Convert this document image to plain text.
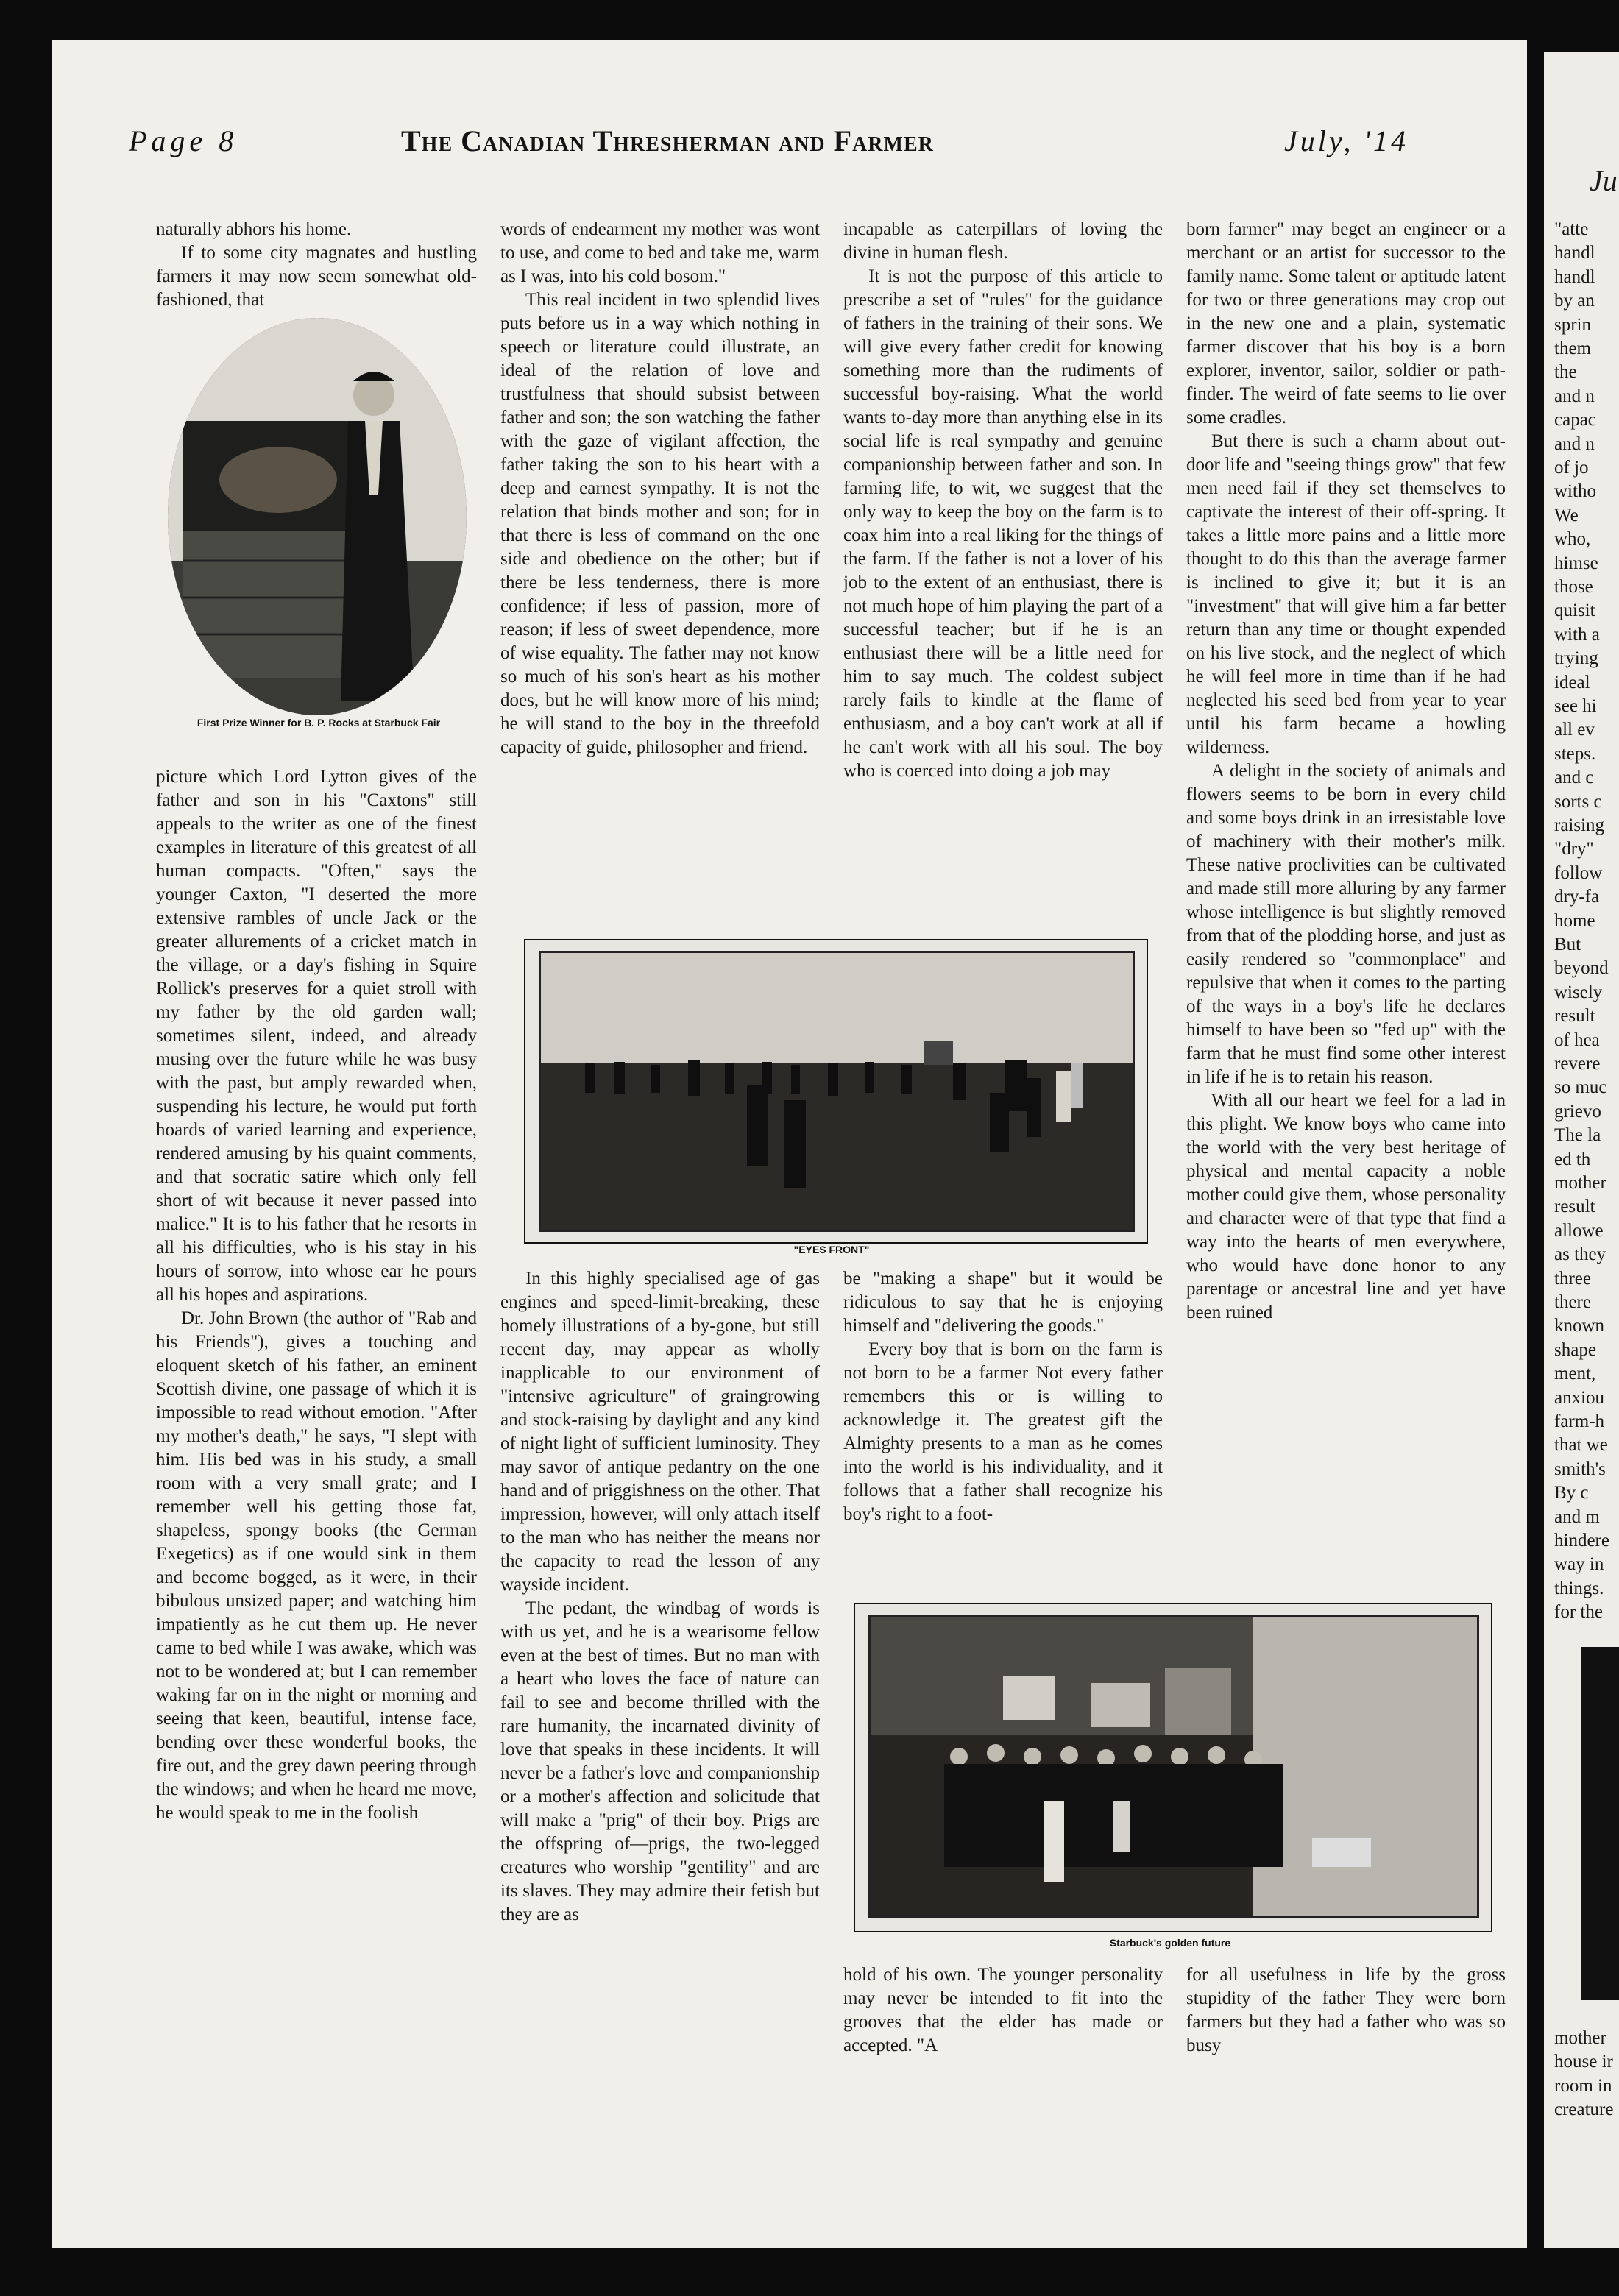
Page 8	The Canadian Thresherman and Farmer	July, '14

naturally abhors his home.

If to some city magnates and hustling farmers it may now seem somewhat old-fashioned, that

First Prize Winner for B. P. Rocks at Starbuck Fair

picture which Lord Lytton gives of the father and son in his "Caxtons" still appeals to the writer as one of the finest examples in literature of this greatest of all human compacts. "Often," says the younger Caxton, "I deserted the more extensive rambles of uncle Jack or the greater allurements of a cricket match in the village, or a day's fishing in Squire Rollick's preserves for a quiet stroll with my father by the old garden wall; sometimes silent, indeed, and already musing over the future while he was busy with the past, but amply rewarded when, suspending his lecture, he would put forth hoards of varied learning and experience, rendered amusing by his quaint comments, and that socratic satire which only fell short of wit because it never passed into malice." It is to his father that he resorts in all his difficulties, who is his stay in his hours of sorrow, into whose ear he pours all his hopes and aspirations.

Dr. John Brown (the author of "Rab and his Friends"), gives a touching and eloquent sketch of his father, an eminent Scottish divine, one passage of which it is impossible to read without emotion. "After my mother's death," he says, "I slept with him. His bed was in his study, a small room with a very small grate; and I remember well his getting those fat, shapeless, spongy books (the German Exegetics) as if one would sink in them and become bogged, as it were, in their bibulous unsized paper; and watching him impatiently as he cut them up. He never came to bed while I was awake, which was not to be wondered at; but I can remember waking far on in the night or morning and seeing that keen, beautiful, intense face, bending over these wonderful books, the fire out, and the grey dawn peering through the windows; and when he heard me move, he would speak to me in the foolish

words of endearment my mother was wont to use, and come to bed and take me, warm as I was, into his cold bosom."

This real incident in two splendid lives puts before us in a way which nothing in speech or literature could illustrate, an ideal of the relation of love and trustfulness that should subsist between father and son; the son watching the father with the gaze of vigilant affection, the father taking the son to his heart with a deep and earnest sympathy. It is not the relation that binds mother and son; for in that there is less of command on the one side and obedience on the other; but if there be less tenderness, there is more confidence; if less of passion, more of reason; if less of sweet dependence, more of wise equality. The father may not know so much of his son's heart as his mother does, but he will know more of his mind; he will stand to the boy in the threefold capacity of guide, philosopher and friend.

incapable as caterpillars of loving the divine in human flesh.

It is not the purpose of this article to prescribe a set of "rules" for the guidance of fathers in the training of their sons. We will give every father credit for knowing something more than the rudiments of successful boy-raising. What the world wants to-day more than anything else in its social life is real sympathy and genuine companionship between father and son. In farming life, to wit, we suggest that the only way to keep the boy on the farm is to coax him into a real liking for the things of the farm. If the father is not a lover of his job to the extent of an enthusiast, there is not much hope of him playing the part of a successful teacher; but if he is an enthusiast there will be a little need for him to say much. The coldest subject rarely fails to kindle at the flame of enthusiasm, and a boy can't work at all if he can't work with all his soul. The boy who is coerced into doing a job may

born farmer" may beget an engineer or a merchant or an artist for successor to the family name. Some talent or aptitude latent for two or three generations may crop out in the new one and a plain, systematic farmer discover that his boy is a born explorer, inventor, sailor, soldier or path-finder. The weird of fate seems to lie over some cradles.

But there is such a charm about out-door life and "seeing things grow" that few men need fail if they set themselves to captivate the interest of their off-spring. It takes a little more pains and a little more thought to do this than the average farmer is inclined to give it; but it is an "investment" that will give him a far better return than any time or thought expended on his live stock, and the neglect of which he will feel more in time than if he had neglected his seed bed from year to year until his farm became a howling wilderness.

A delight in the society of animals and flowers seems to be born in every child and some boys drink in an irresistable love of machinery with their mother's milk. These native proclivities can be cultivated and made still more alluring by any farmer whose intelligence is but slightly removed from that of the plodding horse, and just as easily rendered so "commonplace" and repulsive that when it comes to the parting of the ways in a boy's life he declares himself to have been so "fed up" with the farm that he must find some other interest in life if he is to retain his reason.

With all our heart we feel for a lad in this plight. We know boys who came into the world with the very best heritage of physical and mental capacity a noble mother could give them, whose personality and character were of that type that find a way into the hearts of men everywhere, who would have done honor to any parentage or ancestral line and yet have been ruined

"EYES FRONT"

In this highly specialised age of gas engines and speed-limit-breaking, these homely illustrations of a by-gone, but still recent day, may appear as wholly inapplicable to our environment of "intensive agriculture" of graingrowing and stock-raising by daylight and any kind of night light of sufficient luminosity. They may savor of antique pedantry on the one hand and of priggishness on the other. That impression, however, will only attach itself to the man who has neither the means nor the capacity to read the lesson of any wayside incident.

The pedant, the windbag of words is with us yet, and he is a wearisome fellow even at the best of times. But no man with a heart who loves the face of nature can fail to see and become thrilled with the rare humanity, the incarnated divinity of love that speaks in these incidents. It will never be a father's love and companionship or a mother's affection and solicitude that will make a "prig" of their boy. Prigs are the offspring of—prigs, the two-legged creatures who worship "gentility" and are its slaves. They may admire their fetish but they are as

be "making a shape" but it would be ridiculous to say that he is enjoying himself and "delivering the goods."

Every boy that is born on the farm is not born to be a farmer Not every father remembers this or is willing to acknowledge it. The greatest gift the Almighty presents to a man as he comes into the world is his individuality, and it follows that a father shall recognize his boy's right to a foot-

Starbuck's golden future

hold of his own. The younger personality may never be intended to fit into the grooves that the elder has made or accepted. "A

for all usefulness in life by the gross stupidity of the father They were born farmers but they had a father who was so busy

Ju
"atte
handl
handl
by an
sprin
them
the
and n
capac
and n
of jo
witho
We
who,
himse
those
quisit
with a
trying
ideal
see hi
all ev
steps.
and c
sorts c
raising
"dry"
follow
dry-fa
home
But
beyond
wisely
result
of hea
revere
so muc
grievo
The la
ed th
mother
result
allowe
as they
three
there
known
shape
ment,
anxiou
farm-h
that we
smith's
By c
and m
hindere
way in
things.
for the
mother
house ir
room in
creature
